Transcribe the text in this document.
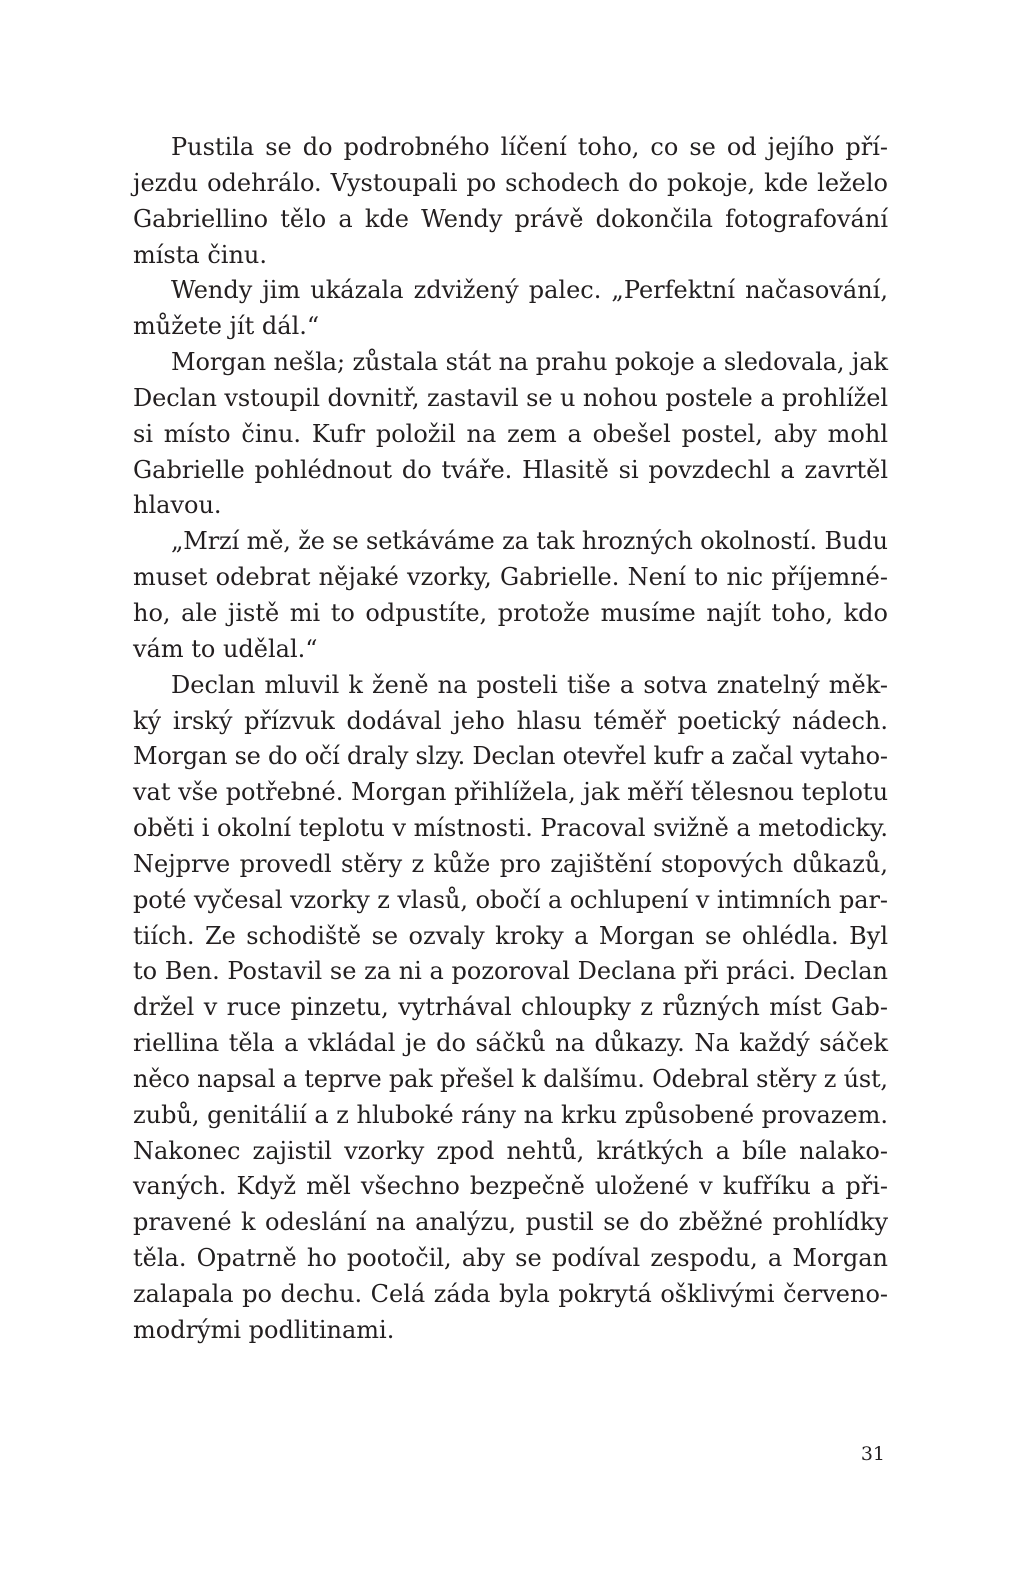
Pustila se do podrobného líčení toho, co se od jejího pří-
jezdu odehrálo. Vystoupali po schodech do pokoje, kde leželo
Gabriellino tělo a kde Wendy právě dokončila fotografování
místa činu.

Wendy jim ukázala zdvižený palec. „Perfektní načasování,
můžete jít dál.“

Morgan nešla; zůstala stát na prahu pokoje a sledovala, jak
Declan vstoupil dovnitř, zastavil se u nohou postele a prohlížel
si místo činu. Kufr položil na zem a obešel postel, aby mohl
Gabrielle pohlédnout do tváře. Hlasitě si povzdechl a zavrtěl
hlavou.

„Mrzí mě, že se setkáváme za tak hrozných okolností. Budu
muset odebrat nějaké vzorky, Gabrielle. Není to nic příjemné-
ho, ale jistě mi to odpustíte, protože musíme najít toho, kdo
vám to udělal.“

Declan mluvil k ženě na posteli tiše a sotva znatelný měk-
ký irský přízvuk dodával jeho hlasu téměř poetický nádech.
Morgan se do očí draly slzy. Declan otevřel kufr a začal vytaho-
vat vše potřebné. Morgan přihlížela, jak měří tělesnou teplotu
oběti i okolní teplotu v místnosti. Pracoval svižně a metodicky.
Nejprve provedl stěry z kůže pro zajištění stopových důkazů,
poté vyčesal vzorky z vlasů, obočí a ochlupení v intimních par-
tiích. Ze schodiště se ozvaly kroky a Morgan se ohlédla. Byl
to Ben. Postavil se za ni a pozoroval Declana při práci. Declan
držel v ruce pinzetu, vytrhával chloupky z různých míst Gab-
riellina těla a vkládal je do sáčků na důkazy. Na každý sáček
něco napsal a teprve pak přešel k dalšímu. Odebral stěry z úst,
zubů, genitálií a z hluboké rány na krku způsobené provazem.
Nakonec zajistil vzorky zpod nehtů, krátkých a bíle nalako-
vaných. Když měl všechno bezpečně uložené v kufříku a při-
pravené k odeslání na analýzu, pustil se do zběžné prohlídky
těla. Opatrně ho pootočil, aby se podíval zespodu, a Morgan
zalapala po dechu. Celá záda byla pokrytá ošklivými červeno-
modrými podlitinami.

31
